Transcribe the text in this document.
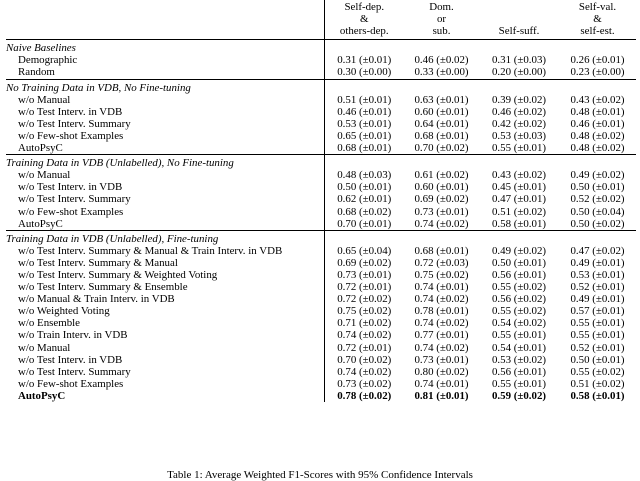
	Self-dep.
&
others-dep.	Dom.
or
sub.	Self-suff.	Self-val.
&
self-est.
Naive Baselines				
Demographic	0.31 (±0.01)	0.46 (±0.02)	0.31 (±0.03)	0.26 (±0.01)
Random	0.30 (±0.00)	0.33 (±0.00)	0.20 (±0.00)	0.23 (±0.00)
No Training Data in VDB, No Fine-tuning				
w/o Manual	0.51 (±0.01)	0.63 (±0.01)	0.39 (±0.02)	0.43 (±0.02)
w/o Test Interv. in VDB	0.46 (±0.01)	0.60 (±0.01)	0.46 (±0.02)	0.48 (±0.01)
w/o Test Interv. Summary	0.53 (±0.01)	0.64 (±0.01)	0.42 (±0.02)	0.46 (±0.01)
w/o Few-shot Examples	0.65 (±0.01)	0.68 (±0.01)	0.53 (±0.03)	0.48 (±0.02)
AutoPsyC	0.68 (±0.01)	0.70 (±0.02)	0.55 (±0.01)	0.48 (±0.02)
Training Data in VDB (Unlabelled), No Fine-tuning				
w/o Manual	0.48 (±0.03)	0.61 (±0.02)	0.43 (±0.02)	0.49 (±0.02)
w/o Test Interv. in VDB	0.50 (±0.01)	0.60 (±0.01)	0.45 (±0.01)	0.50 (±0.01)
w/o Test Interv. Summary	0.62 (±0.01)	0.69 (±0.02)	0.47 (±0.01)	0.52 (±0.02)
w/o Few-shot Examples	0.68 (±0.02)	0.73 (±0.01)	0.51 (±0.02)	0.50 (±0.04)
AutoPsyC	0.70 (±0.01)	0.74 (±0.02)	0.58 (±0.01)	0.50 (±0.02)
Training Data in VDB (Unlabelled), Fine-tuning				
w/o Test Interv. Summary & Manual & Train Interv. in VDB	0.65 (±0.04)	0.68 (±0.01)	0.49 (±0.02)	0.47 (±0.02)
w/o Test Interv. Summary & Manual	0.69 (±0.02)	0.72 (±0.03)	0.50 (±0.01)	0.49 (±0.01)
w/o Test Interv. Summary & Weighted Voting	0.73 (±0.01)	0.75 (±0.02)	0.56 (±0.01)	0.53 (±0.01)
w/o Test Interv. Summary & Ensemble	0.72 (±0.01)	0.74 (±0.01)	0.55 (±0.02)	0.52 (±0.01)
w/o Manual & Train Interv. in VDB	0.72 (±0.02)	0.74 (±0.02)	0.56 (±0.02)	0.49 (±0.01)
w/o Weighted Voting	0.75 (±0.02)	0.78 (±0.01)	0.55 (±0.02)	0.57 (±0.01)
w/o Ensemble	0.71 (±0.02)	0.74 (±0.02)	0.54 (±0.02)	0.55 (±0.01)
w/o Train Interv. in VDB	0.74 (±0.02)	0.77 (±0.01)	0.55 (±0.01)	0.55 (±0.01)
w/o Manual	0.72 (±0.01)	0.74 (±0.02)	0.54 (±0.01)	0.52 (±0.01)
w/o Test Interv. in VDB	0.70 (±0.02)	0.73 (±0.01)	0.53 (±0.02)	0.50 (±0.01)
w/o Test Interv. Summary	0.74 (±0.02)	0.80 (±0.02)	0.56 (±0.01)	0.55 (±0.02)
w/o Few-shot Examples	0.73 (±0.02)	0.74 (±0.01)	0.55 (±0.01)	0.51 (±0.02)
AutoPsyC	0.78 (±0.02)	0.81 (±0.01)	0.59 (±0.02)	0.58 (±0.01)
Table 1: Average Weighted F1-Scores with 95% Confidence Intervals
